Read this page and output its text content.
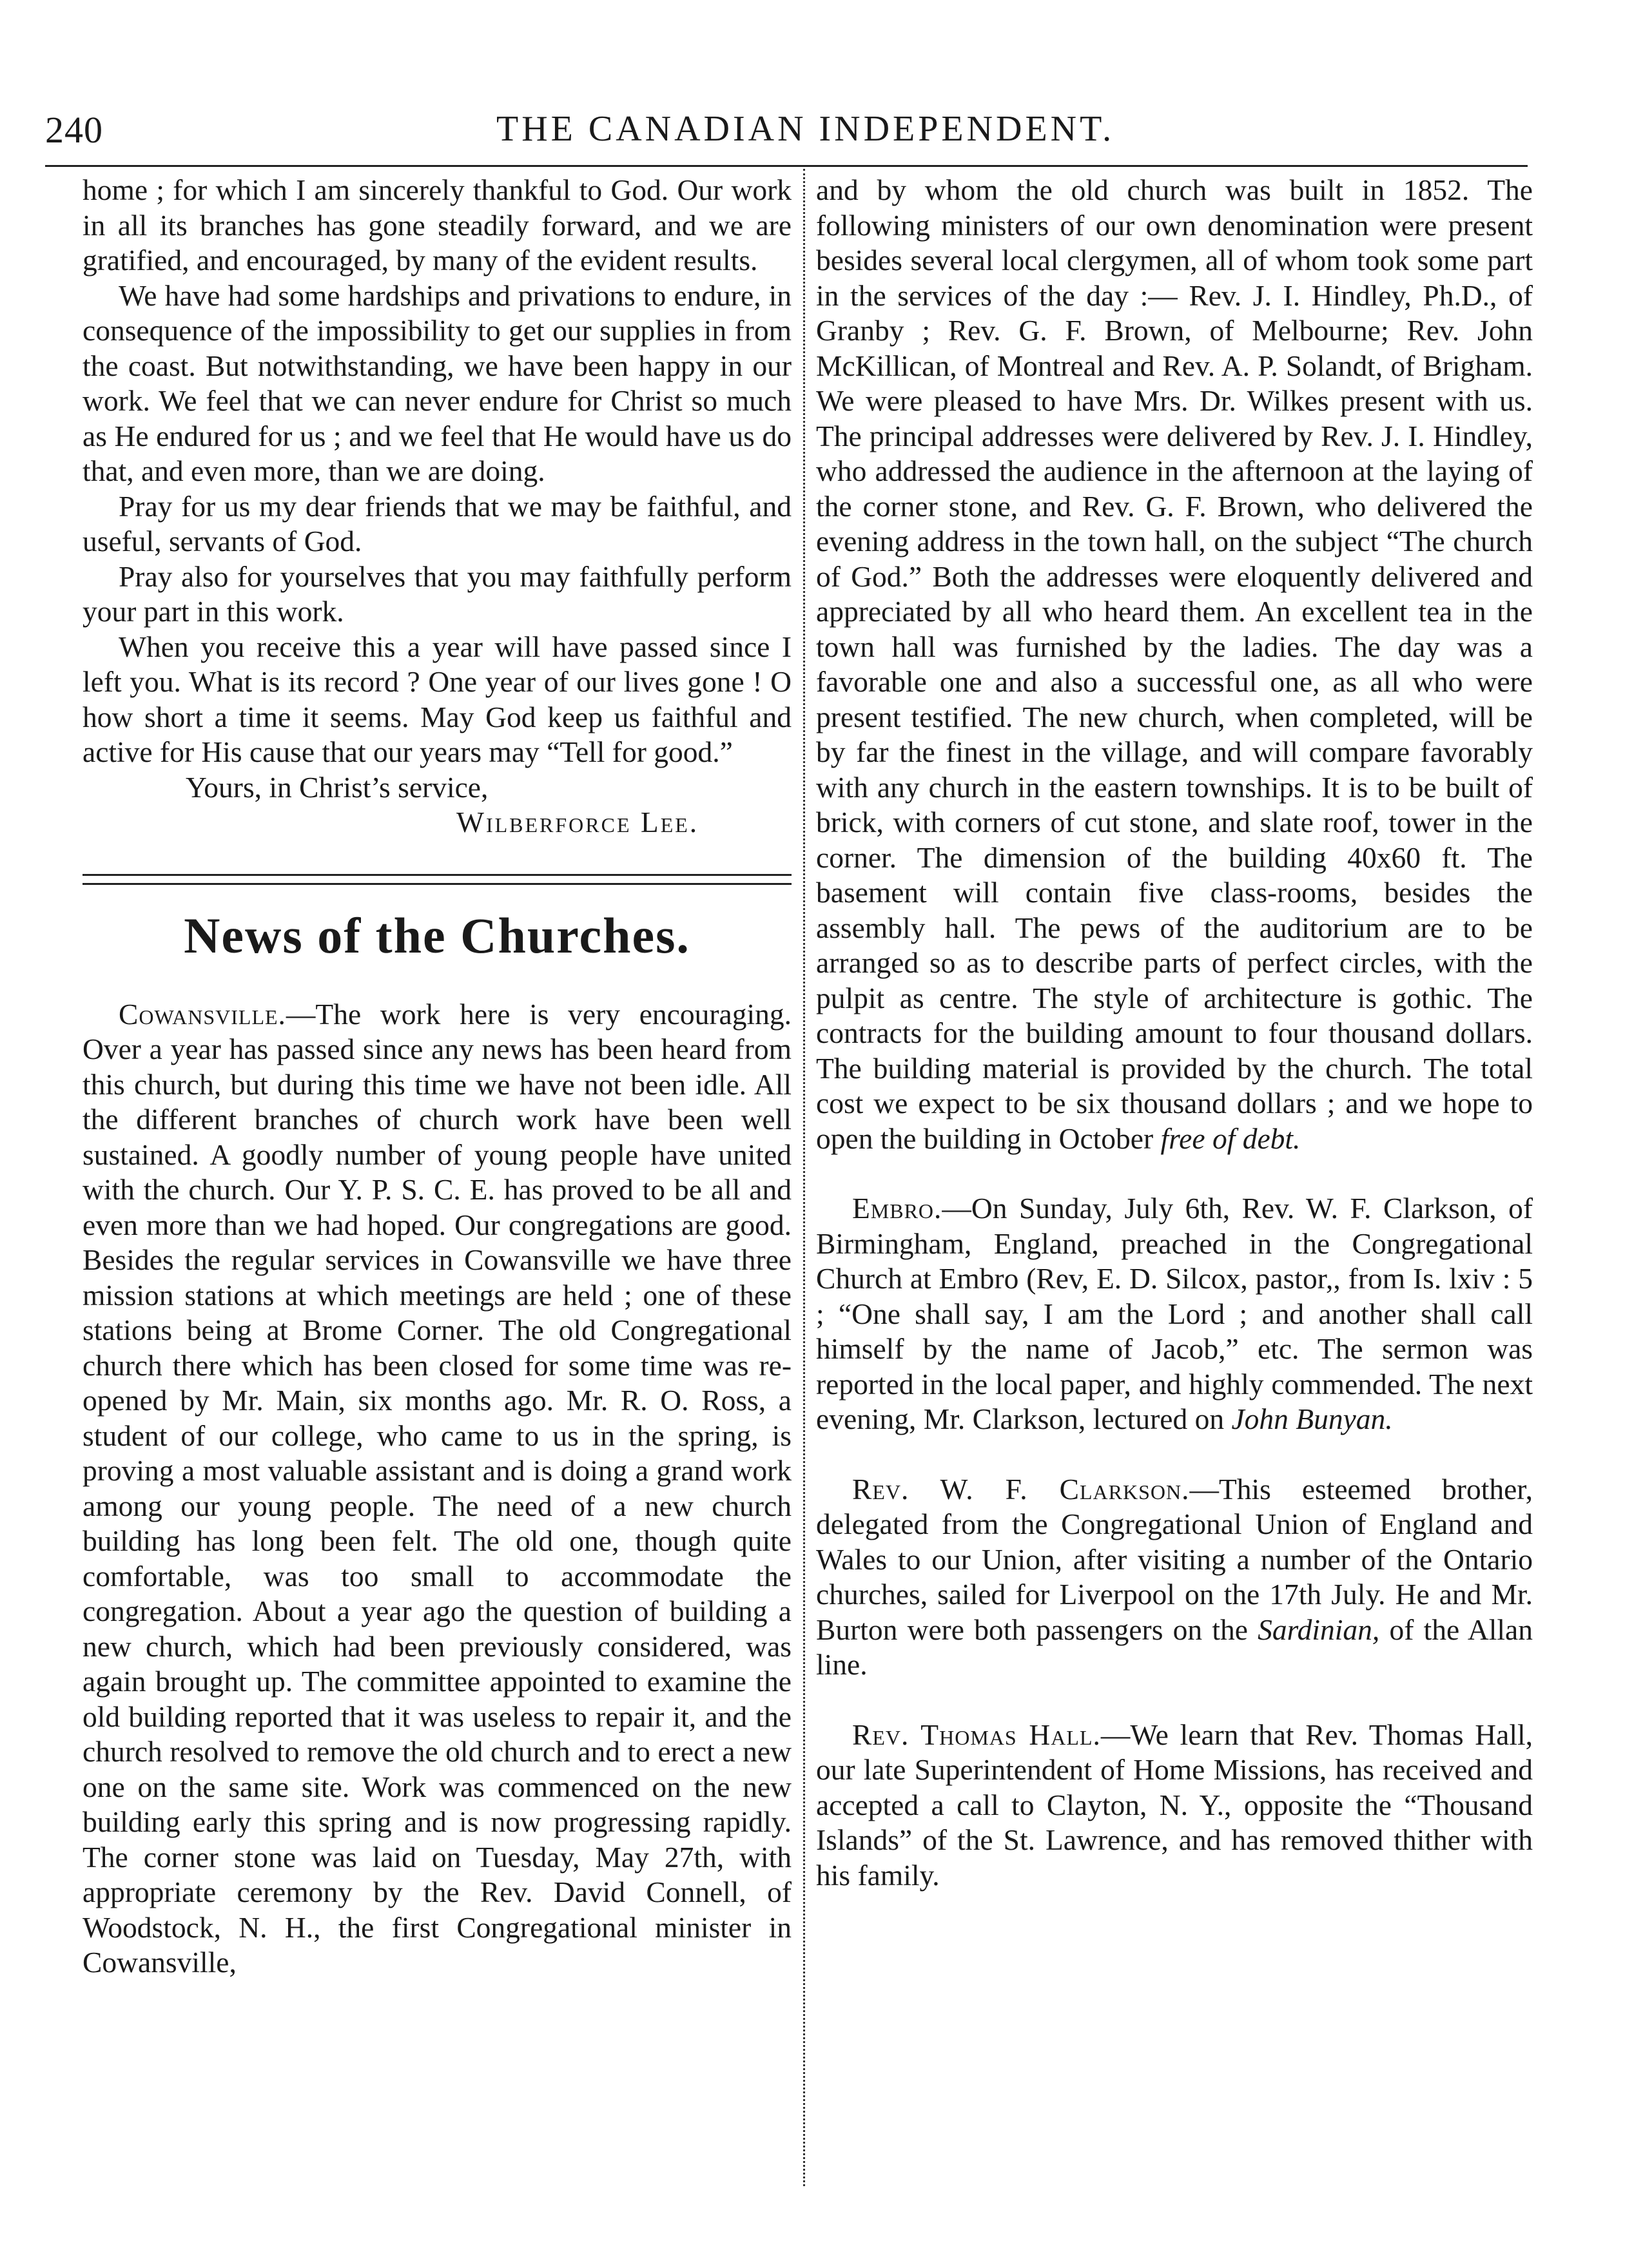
240	THE CANADIAN INDEPENDENT.

home ; for which I am sincerely thankful to God. Our work in all its branches has gone steadily forward, and we are gratified, and encouraged, by many of the evident results.

We have had some hardships and privations to endure, in consequence of the impossibility to get our supplies in from the coast. But notwithstanding, we have been happy in our work. We feel that we can never endure for Christ so much as He endured for us ; and we feel that He would have us do that, and even more, than we are doing.

Pray for us my dear friends that we may be faithful, and useful, servants of God.

Pray also for yourselves that you may faithfully perform your part in this work.

When you receive this a year will have passed since I left you. What is its record ? One year of our lives gone ! O how short a time it seems. May God keep us faithful and active for His cause that our years may “Tell for good.”

Yours, in Christ’s service,

Wilberforce Lee.

News of the Churches.

Cowansville.—The work here is very encouraging. Over a year has passed since any news has been heard from this church, but during this time we have not been idle. All the different branches of church work have been well sustained. A goodly number of young people have united with the church. Our Y. P. S. C. E. has proved to be all and even more than we had hoped. Our congregations are good. Besides the regular services in Cowansville we have three mission stations at which meetings are held ; one of these stations being at Brome Corner. The old Congregational church there which has been closed for some time was re-opened by Mr. Main, six months ago. Mr. R. O. Ross, a student of our college, who came to us in the spring, is proving a most valuable assistant and is doing a grand work among our young people. The need of a new church building has long been felt. The old one, though quite comfortable, was too small to accommodate the congregation. About a year ago the question of building a new church, which had been previously considered, was again brought up. The committee appointed to examine the old building reported that it was useless to repair it, and the church resolved to remove the old church and to erect a new one on the same site. Work was commenced on the new building early this spring and is now progressing rapidly. The corner stone was laid on Tuesday, May 27th, with appropriate ceremony by the Rev. David Connell, of Woodstock, N. H., the first Congregational minister in Cowansville,

and by whom the old church was built in 1852. The following ministers of our own denomination were present besides several local clergymen, all of whom took some part in the services of the day :— Rev. J. I. Hindley, Ph.D., of Granby ; Rev. G. F. Brown, of Melbourne; Rev. John McKillican, of Montreal and Rev. A. P. Solandt, of Brigham. We were pleased to have Mrs. Dr. Wilkes present with us. The principal addresses were delivered by Rev. J. I. Hindley, who addressed the audience in the afternoon at the laying of the corner stone, and Rev. G. F. Brown, who delivered the evening address in the town hall, on the subject “The church of God.” Both the addresses were eloquently delivered and appreciated by all who heard them. An excellent tea in the town hall was furnished by the ladies. The day was a favorable one and also a successful one, as all who were present testified. The new church, when completed, will be by far the finest in the village, and will compare favorably with any church in the eastern townships. It is to be built of brick, with corners of cut stone, and slate roof, tower in the corner. The dimension of the building 40x60 ft. The basement will contain five class-rooms, besides the assembly hall. The pews of the auditorium are to be arranged so as to describe parts of perfect circles, with the pulpit as centre. The style of architecture is gothic. The contracts for the building amount to four thousand dollars. The building material is provided by the church. The total cost we expect to be six thousand dollars ; and we hope to open the building in October free of debt.

Embro.—On Sunday, July 6th, Rev. W. F. Clarkson, of Birmingham, England, preached in the Congregational Church at Embro (Rev, E. D. Silcox, pastor,, from Is. lxiv : 5 ; “One shall say, I am the Lord ; and another shall call himself by the name of Jacob,” etc. The sermon was reported in the local paper, and highly commended. The next evening, Mr. Clarkson, lectured on John Bunyan.

Rev. W. F. Clarkson.—This esteemed brother, delegated from the Congregational Union of England and Wales to our Union, after visiting a number of the Ontario churches, sailed for Liverpool on the 17th July. He and Mr. Burton were both passengers on the Sardinian, of the Allan line.

Rev. Thomas Hall.—We learn that Rev. Thomas Hall, our late Superintendent of Home Missions, has received and accepted a call to Clayton, N. Y., opposite the “Thousand Islands” of the St. Lawrence, and has removed thither with his family.
